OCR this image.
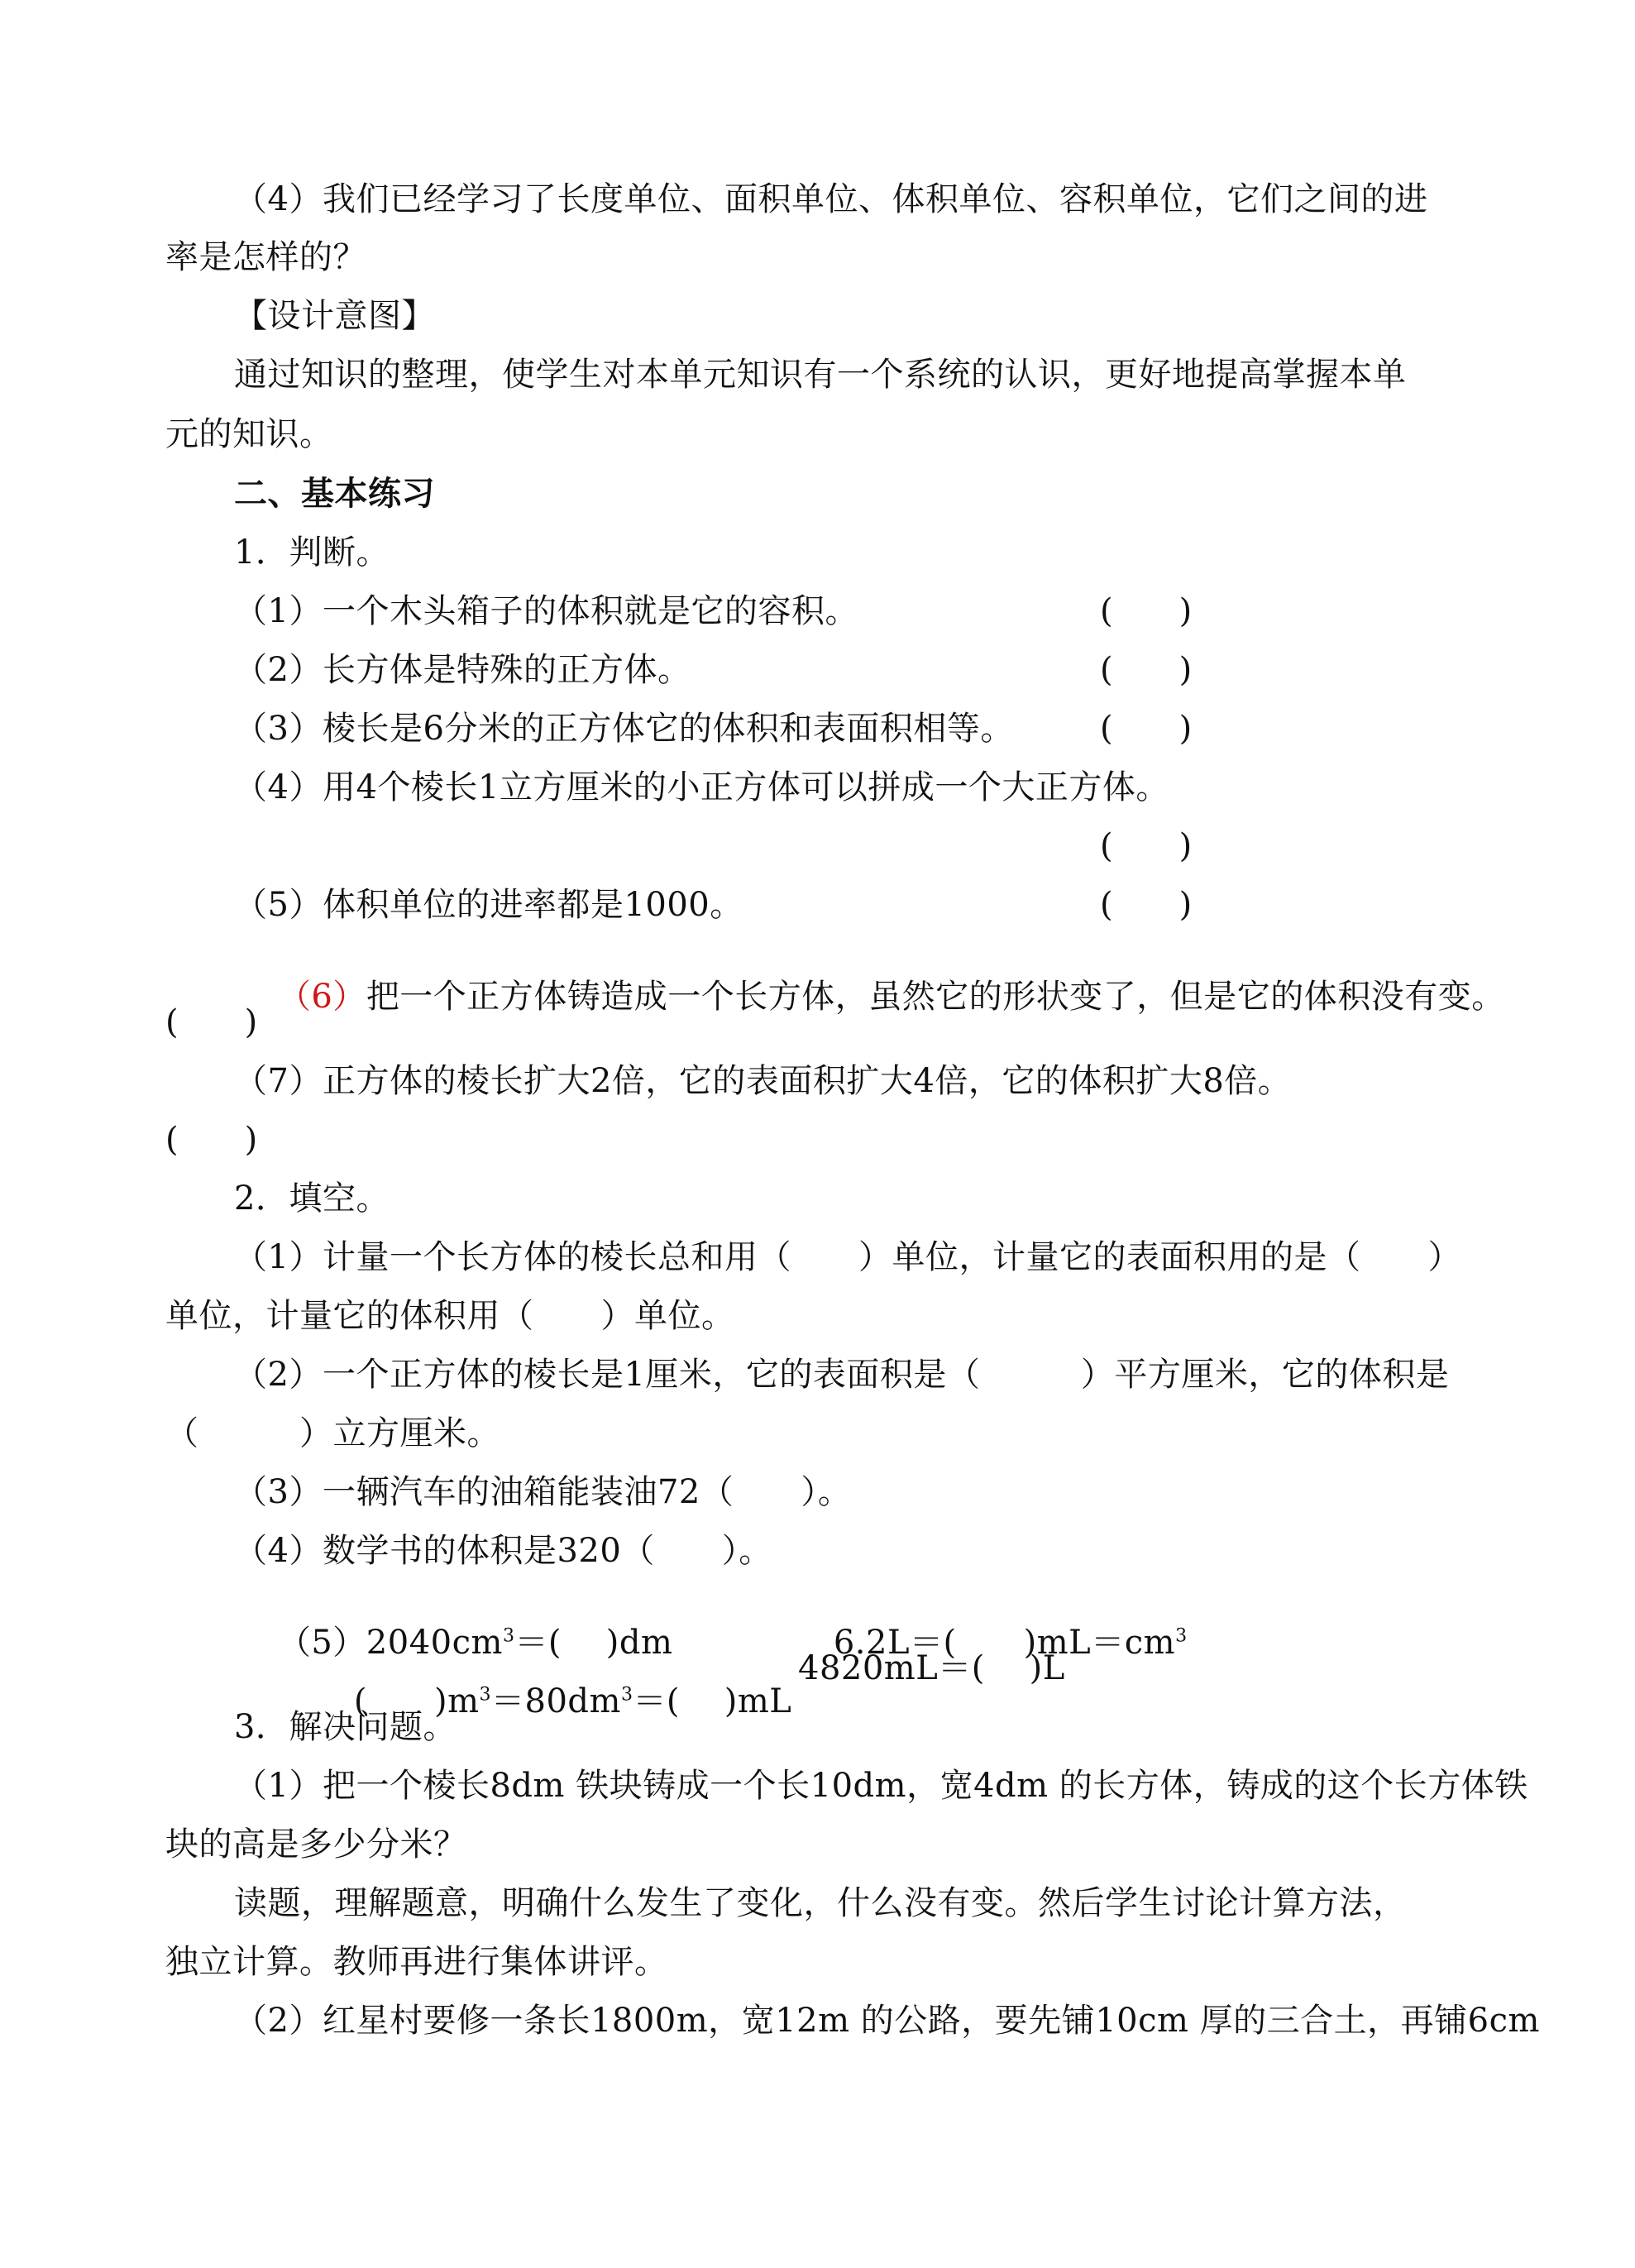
（4）我们已经学习了长度单位、面积单位、体积单位、容积单位，它们之间的进
率是怎样的？
【设计意图】
通过知识的整理，使学生对本单元知识有一个系统的认识，更好地提高掌握本单
元的知识。
二、基本练习
1．判断。
（1）一个木头箱子的体积就是它的容积。	(　　)
（2）长方体是特殊的正方体。	(　　)
（3）棱长是6分米的正方体它的体积和表面积相等。	(　　)
（4）用4个棱长1立方厘米的小正方体可以拼成一个大正方体。
(　　)
（5）体积单位的进率都是1000。	(　　)

（6）把一个正方体铸造成一个长方体，虽然它的形状变了，但是它的体积没有变。

(　　)
（7）正方体的棱长扩大2倍，它的表面积扩大4倍，它的体积扩大8倍。
(　　)
2．填空。
（1）计量一个长方体的棱长总和用（　　）单位，计量它的表面积用的是（　　）
单位，计量它的体积用（　　）单位。
（2）一个正方体的棱长是1厘米，它的表面积是（　　　）平方厘米，它的体积是
（　　　）立方厘米。
（3）一辆汽车的油箱能装油72（　　）。
（4）数学书的体积是320（　　）。

$(5)2040cm^3=$(　 )dm
	6.2L＝(　　)$mL=cm^3$

(　　)$m^3=80dm^3=$(　 )mL

4820mL＝(　 )L
3．解决问题。
（1）把一个棱长8dm 铁块铸成一个长10dm，宽4dm 的长方体，铸成的这个长方体铁
块的高是多少分米？
读题，理解题意，明确什么发生了变化，什么没有变。然后学生讨论计算方法，
独立计算。教师再进行集体讲评。
（2）红星村要修一条长1800m，宽12m 的公路，要先铺10cm 厚的三合土，再铺6cm
